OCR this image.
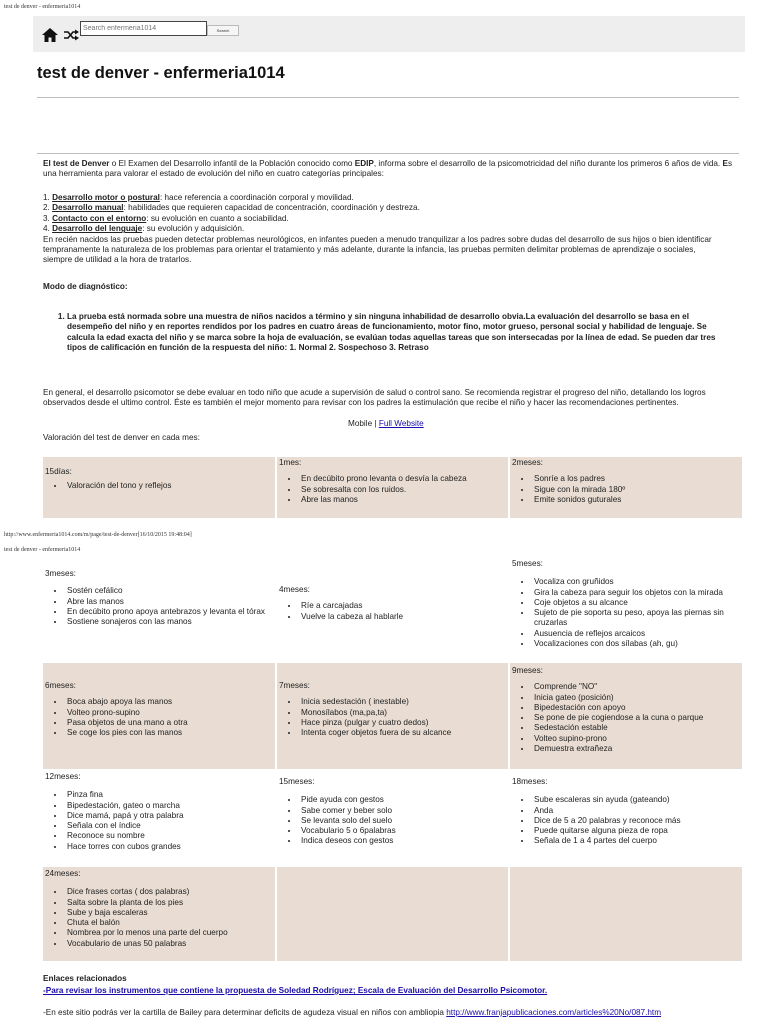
test de denver - enfermeria1014
Search enfermeria1014
Search
test de denver - enfermeria1014
El test de Denver o El Examen del Desarrollo infantil de la Población conocido como EDIP, informa sobre el desarrollo de la psicomotricidad del niño durante los primeros 6 años de vida. Es una herramienta para valorar el estado de evolución del niño en cuatro categorías principales:
1. Desarrollo motor o postural: hace referencia a coordinación corporal y movilidad.
2. Desarrollo manual: habilidades que requieren capacidad de concentración, coordinación y destreza.
3. Contacto con el entorno: su evolución en cuanto a sociabilidad.
4. Desarrollo del lenguaje: su evolución y adquisición.
En recién nacidos las pruebas pueden detectar problemas neurológicos, en infantes pueden a menudo tranquilizar a los padres sobre dudas del desarrollo de sus hijos o bien identificar tempranamente la naturaleza de los problemas para orientar el tratamiento y más adelante, durante la infancia, las pruebas permiten delimitar problemas de aprendizaje o sociales, siempre de utilidad a la hora de tratarlos.
Modo de diagnóstico:
1. La prueba está normada sobre una muestra de niños nacidos a término y sin ninguna inhabilidad de desarrollo obvia.La evaluación del desarrollo se basa en el desempeño del niño y en reportes rendidos por los padres en cuatro áreas de funcionamiento, motor fino, motor grueso, personal social y habilidad de lenguaje. Se calcula la edad exacta del niño y se marca sobre la hoja de evaluación, se evalúan todas aquellas tareas que son intersecadas por la línea de edad. Se pueden dar tres tipos de calificación en función de la respuesta del niño: 1. Normal 2. Sospechoso 3. Retraso
En general, el desarrollo psicomotor se debe evaluar en todo niño que acude a supervisión de salud o control sano. Se recomienda registrar el progreso del niño, detallando los logros observados desde el ultimo control. Éste es también el mejor momento para revisar con los padres la estimulación que recibe el niño y hacer las recomendaciones pertinentes.
Mobile | Full Website
Valoración del test de denver en cada mes:
15días:
• Valoración del tono y reflejos
1mes:
• En decúbito prono levanta o desvía la cabeza
• Se sobresalta con los ruidos.
• Abre las manos
2meses:
• Sonríe a los padres
• Sigue con la mirada 180º
• Emite sonidos guturales
http://www.enfermeria1014.com/m/page/test-de-denver[16/10/2015 19:48:04]
test de denver - enfermeria1014
3meses:
• Sostén cefálico
• Abre las manos
• En decúbito prono apoya antebrazos y levanta el tórax
• Sostiene sonajeros con las manos
4meses:
• Ríe a carcajadas
• Vuelve la cabeza al hablarle
5meses:
• Vocaliza con gruñidos
• Gira la cabeza para seguir los objetos con la mirada
• Coje objetos a su alcance
• Sujeto de pie soporta su peso, apoya las piernas sin cruzarlas
• Ausuencia de reflejos arcaicos
• Vocalizaciones con dos sílabas (ah, gu)
6meses:
• Boca abajo apoya las manos
• Volteo prono-supino
• Pasa objetos de una mano a otra
• Se coge los pies con las manos
7meses:
• Inicia sedestación ( inestable)
• Monosílabos (ma,pa,ta)
• Hace pinza (pulgar y cuatro dedos)
• Intenta coger objetos fuera de su alcance
9meses:
• Comprende "NO"
• Inicia gateo (posición)
• Bipedestación con apoyo
• Se pone de pie cogiendose a la cuna o parque
• Sedestación estable
• Volteo supino-prono
• Demuestra extrañeza
12meses:
• Pinza fina
• Bipedestación, gateo o marcha
• Dice mamá, papá y otra palabra
• Señala con el índice
• Reconoce su nombre
• Hace torres con cubos grandes
15meses:
• Pide ayuda con gestos
• Sabe comer y beber solo
• Se levanta solo del suelo
• Vocabulario 5 o 6palabras
• Indica deseos con gestos
18meses:
• Sube escaleras sin ayuda (gateando)
• Anda
• Dice de 5 a 20 palabras y reconoce más
• Puede quitarse alguna pieza de ropa
• Señala de 1 a 4 partes del cuerpo
24meses:
• Dice frases cortas ( dos palabras)
• Salta sobre la planta de los pies
• Sube y baja escaleras
• Chuta el balón
• Nombrea por lo menos una parte del cuerpo
• Vocabulario de unas 50 palabras
Enlaces relacionados
-Para revisar los instrumentos que contiene la propuesta de Soledad Rodríguez; Escala de Evaluación del Desarrollo Psicomotor.
-En este sitio podrás ver la cartilla de Bailey para determinar deficits de agudeza visual en niños con ambliopia http://www.franjapublicaciones.com/articles%20No/087.htm
